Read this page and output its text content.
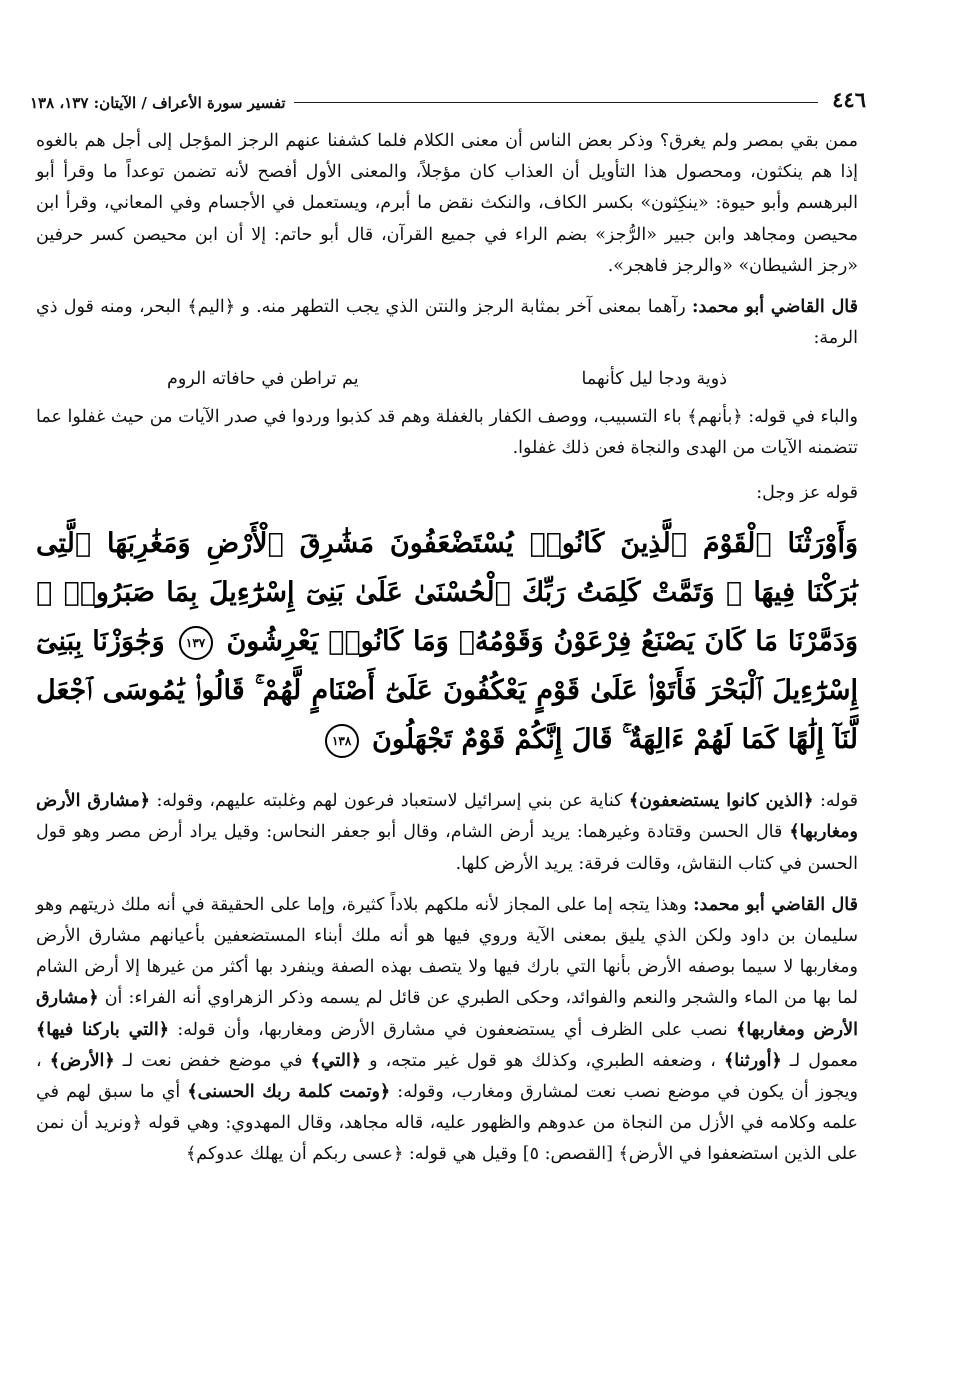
٤٤٦
تفسير سورة الأعراف / الآيتان: ١٣٧، ١٣٨

ممن بقي بمصر ولم يغرق؟ وذكر بعض الناس أن معنى الكلام فلما كشفنا عنهم الرجز المؤجل إلى أجل هم بالغوه إذا هم ينكثون، ومحصول هذا التأويل أن العذاب كان مؤجلاً، والمعنى الأول أفصح لأنه تضمن توعداً ما وقرأ أبو البرهسم وأبو حيوة: «ينكِثون» بكسر الكاف، والنكث نقض ما أبرم، ويستعمل في الأجسام وفي المعاني، وقرأ ابن محيصن ومجاهد وابن جبير «الرُّجز» بضم الراء في جميع القرآن، قال أبو حاتم: إلا أن ابن محيصن كسر حرفين «رجز الشيطان» «والرجز فاهجر».

قال القاضي أبو محمد: رآهما بمعنى آخر بمثابة الرجز والنتن الذي يجب التطهر منه. و ﴿اليم﴾ البحر، ومنه قول ذي الرمة:

ذوية ودجا ليل كأنهما
يم تراطن في حافاته الروم

والباء في قوله: ﴿بأنهم﴾ باء التسبيب، ووصف الكفار بالغفلة وهم قد كذبوا وردوا في صدر الآيات من حيث غفلوا عما تتضمنه الآيات من الهدى والنجاة فعن ذلك غفلوا.

قوله عز وجل:

وَأَوْرَثْنَا ٱلْقَوْمَ ٱلَّذِينَ كَانُوا۟ يُسْتَضْعَفُونَ مَشَٰرِقَ ٱلْأَرْضِ وَمَغَٰرِبَهَا ٱلَّتِى بَٰرَكْنَا فِيهَا ۖ وَتَمَّتْ كَلِمَتُ رَبِّكَ ٱلْحُسْنَىٰ عَلَىٰ بَنِىٓ إِسْرَٰٓءِيلَ بِمَا صَبَرُوا۟ ۖ وَدَمَّرْنَا مَا كَانَ يَصْنَعُ فِرْعَوْنُ وَقَوْمُهُۥ وَمَا كَانُوا۟ يَعْرِشُونَ ١٣٧ وَجَٰوَزْنَا بِبَنِىٓ إِسْرَٰٓءِيلَ ٱلْبَحْرَ فَأَتَوْا۟ عَلَىٰ قَوْمٍ يَعْكُفُونَ عَلَىٰٓ أَصْنَامٍ لَّهُمْ ۚ قَالُوا۟ يَٰمُوسَى ٱجْعَل لَّنَآ إِلَٰهًا كَمَا لَهُمْ ءَالِهَةٌ ۚ قَالَ إِنَّكُمْ قَوْمٌ تَجْهَلُونَ ١٣٨

قوله: ﴿الذين كانوا يستضعفون﴾ كناية عن بني إسرائيل لاستعباد فرعون لهم وغلبته عليهم، وقوله: ﴿مشارق الأرض ومغاربها﴾ قال الحسن وقتادة وغيرهما: يريد أرض الشام، وقال أبو جعفر النحاس: وقيل يراد أرض مصر وهو قول الحسن في كتاب النقاش، وقالت فرقة: يريد الأرض كلها.

قال القاضي أبو محمد: وهذا يتجه إما على المجاز لأنه ملكهم بلاداً كثيرة، وإما على الحقيقة في أنه ملك ذريتهم وهو سليمان بن داود ولكن الذي يليق بمعنى الآية وروي فيها هو أنه ملك أبناء المستضعفين بأعيانهم مشارق الأرض ومغاربها لا سيما بوصفه الأرض بأنها التي بارك فيها ولا يتصف بهذه الصفة وينفرد بها أكثر من غيرها إلا أرض الشام لما بها من الماء والشجر والنعم والفوائد، وحكى الطبري عن قائل لم يسمه وذكر الزهراوي أنه الفراء: أن ﴿مشارق الأرض ومغاربها﴾ نصب على الظرف أي يستضعفون في مشارق الأرض ومغاربها، وأن قوله: ﴿التي باركنا فيها﴾ معمول لـ ﴿أورثنا﴾ ، وضعفه الطبري، وكذلك هو قول غير متجه، و ﴿التي﴾ في موضع خفض نعت لـ ﴿الأرض﴾ ، ويجوز أن يكون في موضع نصب نعت لمشارق ومغارب، وقوله: ﴿وتمت كلمة ربك الحسنى﴾ أي ما سبق لهم في علمه وكلامه في الأزل من النجاة من عدوهم والظهور عليه، قاله مجاهد، وقال المهدوي: وهي قوله ﴿ونريد أن نمن على الذين استضعفوا في الأرض﴾ [القصص: ٥] وقيل هي قوله: ﴿عسى ربكم أن يهلك عدوكم﴾
